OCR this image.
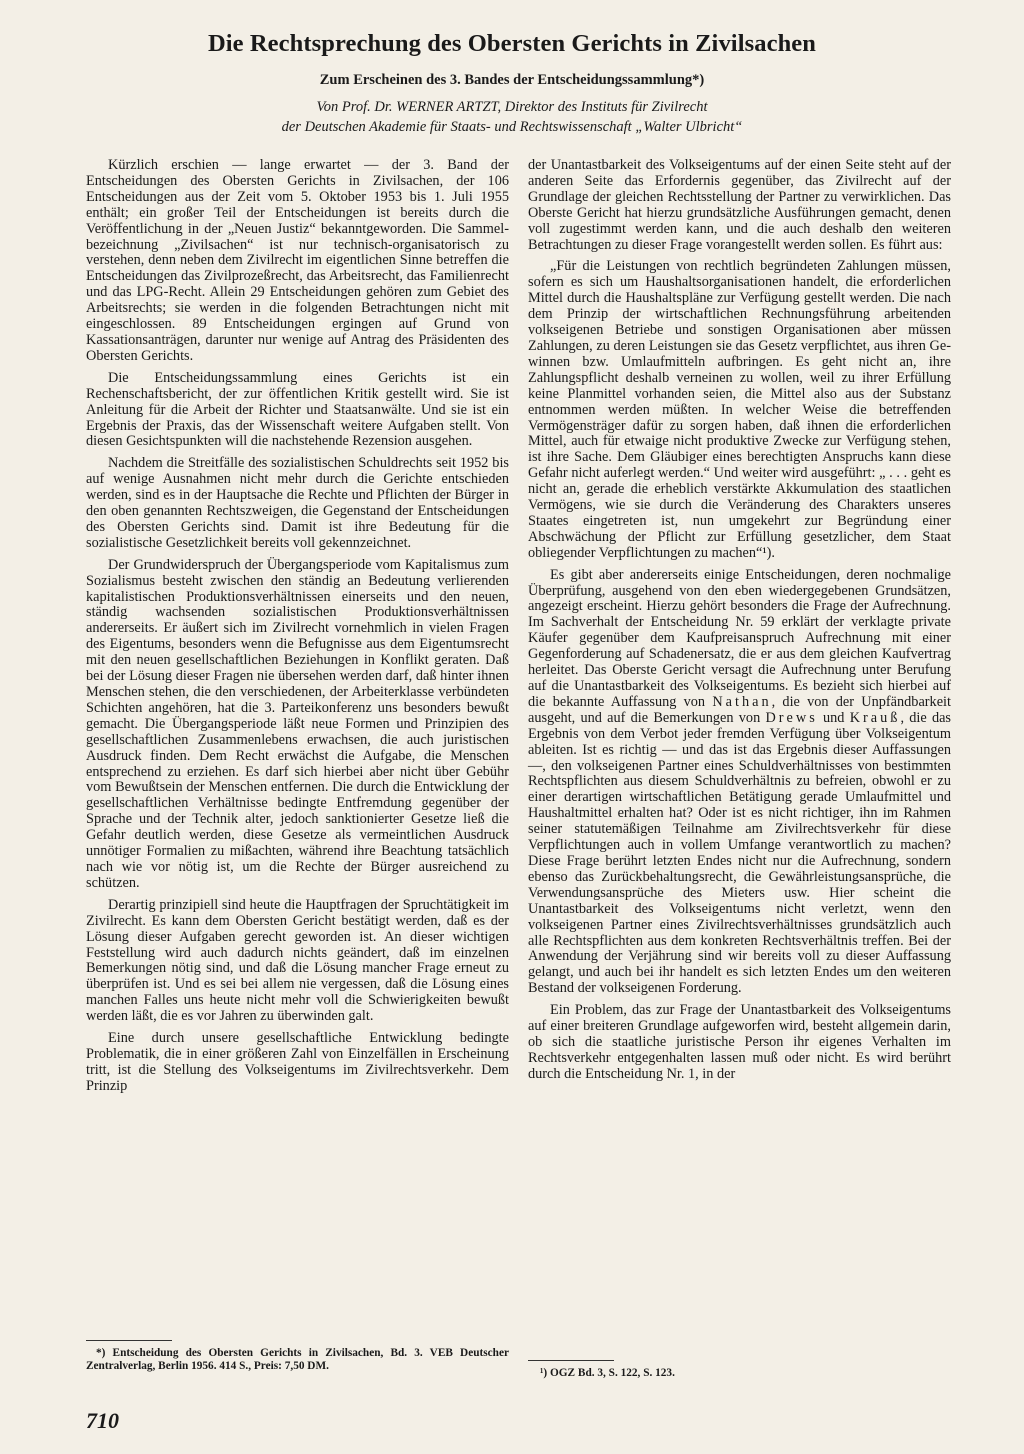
Die Rechtsprechung des Obersten Gerichts in Zivilsachen
Zum Erscheinen des 3. Bandes der Entscheidungssammlung*)
Von Prof. Dr. WERNER ARTZT, Direktor des Instituts für Zivilrecht
der Deutschen Akademie für Staats- und Rechtswissenschaft „Walter Ulbricht“

Kürzlich erschien — lange erwartet — der 3. Band der Entscheidungen des Obersten Gerichts in Zivilsachen, der 106 Entscheidungen aus der Zeit vom 5. Oktober 1953 bis 1. Juli 1955 enthält; ein großer Teil der Entscheidungen ist bereits durch die Veröffentlichung in der „Neuen Justiz“ bekanntgeworden. Die Sammelbezeichnung „Zivilsachen“ ist nur technisch-organisatorisch zu verstehen, denn neben dem Zivilrecht im eigentlichen Sinne betreffen die Entscheidungen das Zivilprozeßrecht, das Arbeitsrecht, das Familienrecht und das LPG-Recht. Allein 29 Entscheidungen gehören zum Gebiet des Arbeitsrechts; sie werden in die folgenden Betrachtungen nicht mit eingeschlossen. 89 Entscheidungen ergingen auf Grund von Kassationsanträgen, darunter nur wenige auf Antrag des Präsidenten des Obersten Gerichts.

Die Entscheidungssammlung eines Gerichts ist ein Rechenschaftsbericht, der zur öffentlichen Kritik gestellt wird. Sie ist Anleitung für die Arbeit der Richter und Staatsanwälte. Und sie ist ein Ergebnis der Praxis, das der Wissenschaft weitere Aufgaben stellt. Von diesen Gesichtspunkten will die nachstehende Rezension ausgehen.

Nachdem die Streitfälle des sozialistischen Schuldrechts seit 1952 bis auf wenige Ausnahmen nicht mehr durch die Gerichte entschieden werden, sind es in der Hauptsache die Rechte und Pflichten der Bürger in den oben genannten Rechtszweigen, die Gegenstand der Entscheidungen des Obersten Gerichts sind. Damit ist ihre Bedeutung für die sozialistische Gesetzlichkeit bereits voll gekennzeichnet.

Der Grundwiderspruch der Übergangsperiode vom Kapitalismus zum Sozialismus besteht zwischen den ständig an Bedeutung verlierenden kapitalistischen Produktionsverhältnissen einerseits und den neuen, ständig wachsenden sozialistischen Produktionsverhältnissen andererseits. Er äußert sich im Zivilrecht vornehmlich in vielen Fragen des Eigentums, besonders wenn die Befugnisse aus dem Eigentumsrecht mit den neuen gesellschaftlichen Beziehungen in Konflikt geraten. Daß bei der Lösung dieser Fragen nie übersehen werden darf, daß hinter ihnen Menschen stehen, die den verschiedenen, der Arbeiterklasse verbündeten Schichten angehören, hat die 3. Parteikonferenz uns besonders bewußt gemacht. Die Übergangsperiode läßt neue Formen und Prinzipien des gesellschaftlichen Zusammenlebens erwachsen, die auch juristischen Ausdruck finden. Dem Recht erwächst die Aufgabe, die Menschen entsprechend zu erziehen. Es darf sich hierbei aber nicht über Gebühr vom Bewußtsein der Menschen entfernen. Die durch die Entwicklung der gesellschaftlichen Verhältnisse bedingte Entfremdung gegenüber der Sprache und der Technik alter, jedoch sanktionierter Gesetze ließ die Gefahr deutlich werden, diese Gesetze als vermeintlichen Ausdruck unnötiger Formalien zu mißachten, während ihre Beachtung tatsächlich nach wie vor nötig ist, um die Rechte der Bürger ausreichend zu schützen.

Derartig prinzipiell sind heute die Hauptfragen der Spruchtätigkeit im Zivilrecht. Es kann dem Obersten Gericht bestätigt werden, daß es der Lösung dieser Aufgaben gerecht geworden ist. An dieser wichtigen Feststellung wird auch dadurch nichts geändert, daß im einzelnen Bemerkungen nötig sind, und daß die Lösung mancher Frage erneut zu überprüfen ist. Und es sei bei allem nie vergessen, daß die Lösung eines manchen Falles uns heute nicht mehr voll die Schwierigkeiten bewußt werden läßt, die es vor Jahren zu überwinden galt.

Eine durch unsere gesellschaftliche Entwicklung bedingte Problematik, die in einer größeren Zahl von Einzelfällen in Erscheinung tritt, ist die Stellung des Volkseigentums im Zivilrechtsverkehr. Dem Prinzip

der Unantastbarkeit des Volkseigentums auf der einen Seite steht auf der anderen Seite das Erfordernis gegenüber, das Zivilrecht auf der Grundlage der gleichen Rechtsstellung der Partner zu verwirklichen. Das Oberste Gericht hat hierzu grundsätzliche Ausführungen gemacht, denen voll zugestimmt werden kann, und die auch deshalb den weiteren Betrachtungen zu dieser Frage vorangestellt werden sollen. Es führt aus:

„Für die Leistungen von rechtlich begründeten Zahlungen müssen, sofern es sich um Haushaltsorganisationen handelt, die erforderlichen Mittel durch die Haushaltspläne zur Verfügung gestellt werden. Die nach dem Prinzip der wirtschaftlichen Rechnungsführung arbeitenden volkseigenen Betriebe und sonstigen Organisationen aber müssen Zahlungen, zu deren Leistungen sie das Gesetz verpflichtet, aus ihren Gewinnen bzw. Umlaufmitteln aufbringen. Es geht nicht an, ihre Zahlungspflicht deshalb verneinen zu wollen, weil zu ihrer Erfüllung keine Planmittel vorhanden seien, die Mittel also aus der Substanz entnommen werden müßten. In welcher Weise die betreffenden Vermögensträger dafür zu sorgen haben, daß ihnen die erforderlichen Mittel, auch für etwaige nicht produktive Zwecke zur Verfügung stehen, ist ihre Sache. Dem Gläubiger eines berechtigten Anspruchs kann diese Gefahr nicht auferlegt werden.“ Und weiter wird ausgeführt: „ . . . geht es nicht an, gerade die erheblich verstärkte Akkumulation des staatlichen Vermögens, wie sie durch die Veränderung des Charakters unseres Staates eingetreten ist, nun umgekehrt zur Begründung einer Abschwächung der Pflicht zur Erfüllung gesetzlicher, dem Staat obliegender Verpflichtungen zu machen“¹).

Es gibt aber andererseits einige Entscheidungen, deren nochmalige Überprüfung, ausgehend von den eben wiedergegebenen Grundsätzen, angezeigt erscheint. Hierzu gehört besonders die Frage der Aufrechnung. Im Sachverhalt der Entscheidung Nr. 59 erklärt der verklagte private Käufer gegenüber dem Kaufpreisanspruch Aufrechnung mit einer Gegenforderung auf Schadenersatz, die er aus dem gleichen Kaufvertrag herleitet. Das Oberste Gericht versagt die Aufrechnung unter Berufung auf die Unantastbarkeit des Volkseigentums. Es bezieht sich hierbei auf die bekannte Auffassung von Nathan, die von der Unpfändbarkeit ausgeht, und auf die Bemerkungen von Drews und Krauß, die das Ergebnis von dem Verbot jeder fremden Verfügung über Volkseigentum ableiten. Ist es richtig — und das ist das Ergebnis dieser Auffassungen —, den volkseigenen Partner eines Schuldverhältnisses von bestimmten Rechtspflichten aus diesem Schuldverhältnis zu befreien, obwohl er zu einer derartigen wirtschaftlichen Betätigung gerade Umlaufmittel und Haushaltmittel erhalten hat? Oder ist es nicht richtiger, ihn im Rahmen seiner statutemäßigen Teilnahme am Zivilrechtsverkehr für diese Verpflichtungen auch in vollem Umfange verantwortlich zu machen? Diese Frage berührt letzten Endes nicht nur die Aufrechnung, sondern ebenso das Zurückbehaltungsrecht, die Gewährleistungsansprüche, die Verwendungsansprüche des Mieters usw. Hier scheint die Unantastbarkeit des Volkseigentums nicht verletzt, wenn den volkseigenen Partner eines Zivilrechtsverhältnisses grundsätzlich auch alle Rechtspflichten aus dem konkreten Rechtsverhältnis treffen. Bei der Anwendung der Verjährung sind wir bereits voll zu dieser Auffassung gelangt, und auch bei ihr handelt es sich letzten Endes um den weiteren Bestand der volkseigenen Forderung.

Ein Problem, das zur Frage der Unantastbarkeit des Volkseigentums auf einer breiteren Grundlage aufgeworfen wird, besteht allgemein darin, ob sich die staatliche juristische Person ihr eigenes Verhalten im Rechtsverkehr entgegenhalten lassen muß oder nicht. Es wird berührt durch die Entscheidung Nr. 1, in der

*) Entscheidung des Obersten Gerichts in Zivilsachen, Bd. 3. VEB Deutscher Zentralverlag, Berlin 1956. 414 S., Preis: 7,50 DM.
¹) OGZ Bd. 3, S. 122, S. 123.
710
